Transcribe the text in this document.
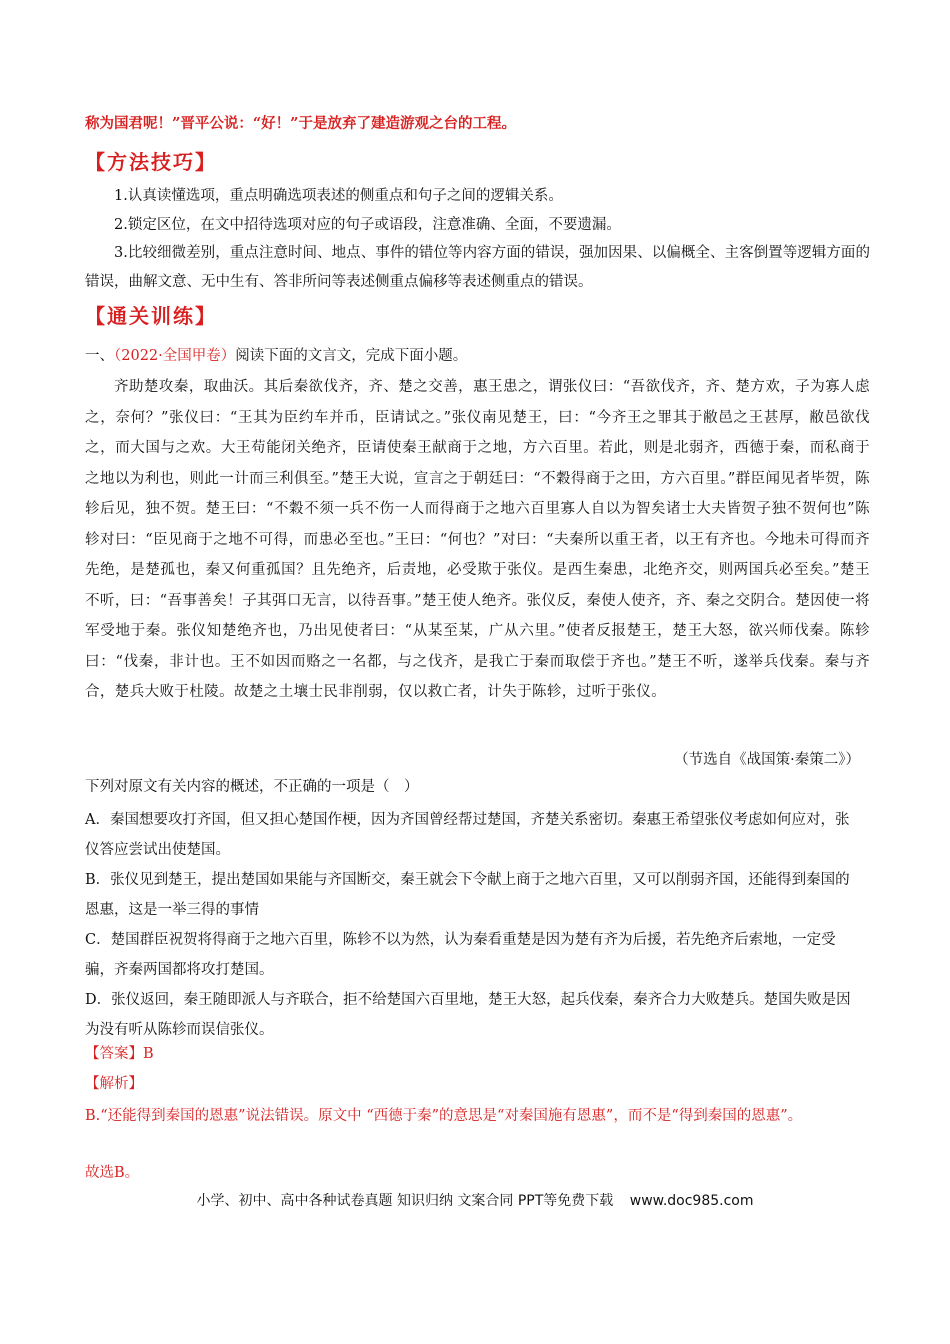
称为国君呢！”晋平公说：“好！”于是放弃了建造游观之台的工程。
【方法技巧】
1.认真读懂选项，重点明确选项表述的侧重点和句子之间的逻辑关系。
2.锁定区位，在文中招待选项对应的句子或语段，注意准确、全面，不要遗漏。
3.比较细微差别，重点注意时间、地点、事件的错位等内容方面的错误，强加因果、以偏概全、主客倒置等逻辑方面的错误，曲解文意、无中生有、答非所问等表述侧重点偏移等表述侧重点的错误。
【通关训练】
一、（2022·全国甲卷）阅读下面的文言文，完成下面小题。
齐助楚攻秦，取曲沃。其后秦欲伐齐，齐、楚之交善，惠王患之，谓张仪曰：“吾欲伐齐，齐、楚方欢，子为寡人虑之，奈何？”张仪曰：“王其为臣约车并币，臣请试之。”张仪南见楚王，曰：“今齐王之罪其于敝邑之王甚厚，敝邑欲伐之，而大国与之欢。大王苟能闭关绝齐，臣请使秦王献商于之地，方六百里。若此，则是北弱齐，西德于秦，而私商于之地以为利也，则此一计而三利俱至。”楚王大说，宣言之于朝廷曰：“不穀得商于之田，方六百里。”群臣闻见者毕贺，陈轸后见，独不贺。楚王曰：“不穀不须一兵不伤一人而得商于之地六百里寡人自以为智矣诸士大夫皆贺子独不贺何也”陈轸对曰：“臣见商于之地不可得，而患必至也。”王曰：“何也？”对曰：“夫秦所以重王者，以王有齐也。今地未可得而齐先绝，是楚孤也，秦又何重孤国？且先绝齐，后责地，必受欺于张仪。是西生秦患，北绝齐交，则两国兵必至矣。”楚王不听，曰：“吾事善矣！子其弭口无言，以待吾事。”楚王使人绝齐。张仪反，秦使人使齐，齐、秦之交阴合。楚因使一将军受地于秦。张仪知楚绝齐也，乃出见使者曰：“从某至某，广从六里。”使者反报楚王，楚王大怒，欲兴师伐秦。陈轸曰：“伐秦，非计也。王不如因而赂之一名都，与之伐齐，是我亡于秦而取偿于齐也。”楚王不听，遂举兵伐秦。秦与齐合，楚兵大败于杜陵。故楚之土壤士民非削弱，仅以救亡者，计失于陈轸，过听于张仪。
（节选自《战国策·秦策二》）
下列对原文有关内容的概述，不正确的一项是（　）
A．秦国想要攻打齐国，但又担心楚国作梗，因为齐国曾经帮过楚国，齐楚关系密切。秦惠王希望张仪考虑如何应对，张仪答应尝试出使楚国。
B．张仪见到楚王，提出楚国如果能与齐国断交，秦王就会下令献上商于之地六百里，又可以削弱齐国，还能得到秦国的恩惠，这是一举三得的事情
C．楚国群臣祝贺将得商于之地六百里，陈轸不以为然，认为秦看重楚是因为楚有齐为后援，若先绝齐后索地，一定受骗，齐秦两国都将攻打楚国。
D．张仪返回，秦王随即派人与齐联合，拒不给楚国六百里地，楚王大怒，起兵伐秦，秦齐合力大败楚兵。楚国失败是因为没有听从陈轸而误信张仪。
【答案】B
【解析】
B.“还能得到秦国的恩惠”说法错误。原文中 “西德于秦”的意思是“对秦国施有恩惠”，而不是“得到秦国的恩惠”。
故选B。
小学、初中、高中各种试卷真题 知识归纳 文案合同 PPT等免费下载 www.doc985.com
